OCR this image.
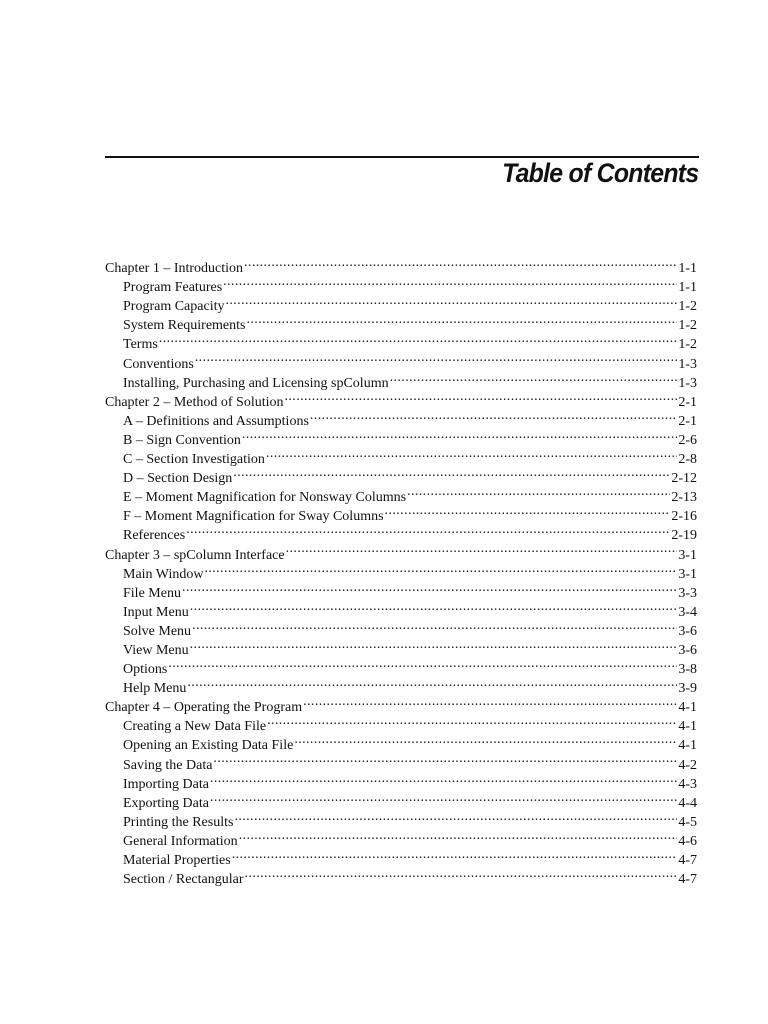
Table of Contents
Chapter 1 – Introduction .....	1-1
Program Features .....	1-1
Program Capacity .....	1-2
System Requirements .....	1-2
Terms .....	1-2
Conventions .....	1-3
Installing, Purchasing and Licensing spColumn .....	1-3
Chapter 2 – Method of Solution .....	2-1
A – Definitions and Assumptions .....	2-1
B – Sign Convention .....	2-6
C – Section Investigation .....	2-8
D – Section Design .....	2-12
E – Moment Magnification for Nonsway Columns .....	2-13
F – Moment Magnification for Sway Columns .....	2-16
References .....	2-19
Chapter 3 – spColumn Interface .....	3-1
Main Window .....	3-1
File Menu .....	3-3
Input Menu .....	3-4
Solve Menu .....	3-6
View Menu .....	3-6
Options .....	3-8
Help Menu .....	3-9
Chapter 4 – Operating the Program .....	4-1
Creating a New Data File .....	4-1
Opening an Existing Data File .....	4-1
Saving the Data .....	4-2
Importing Data .....	4-3
Exporting Data .....	4-4
Printing the Results .....	4-5
General Information .....	4-6
Material Properties .....	4-7
Section / Rectangular .....	4-7
